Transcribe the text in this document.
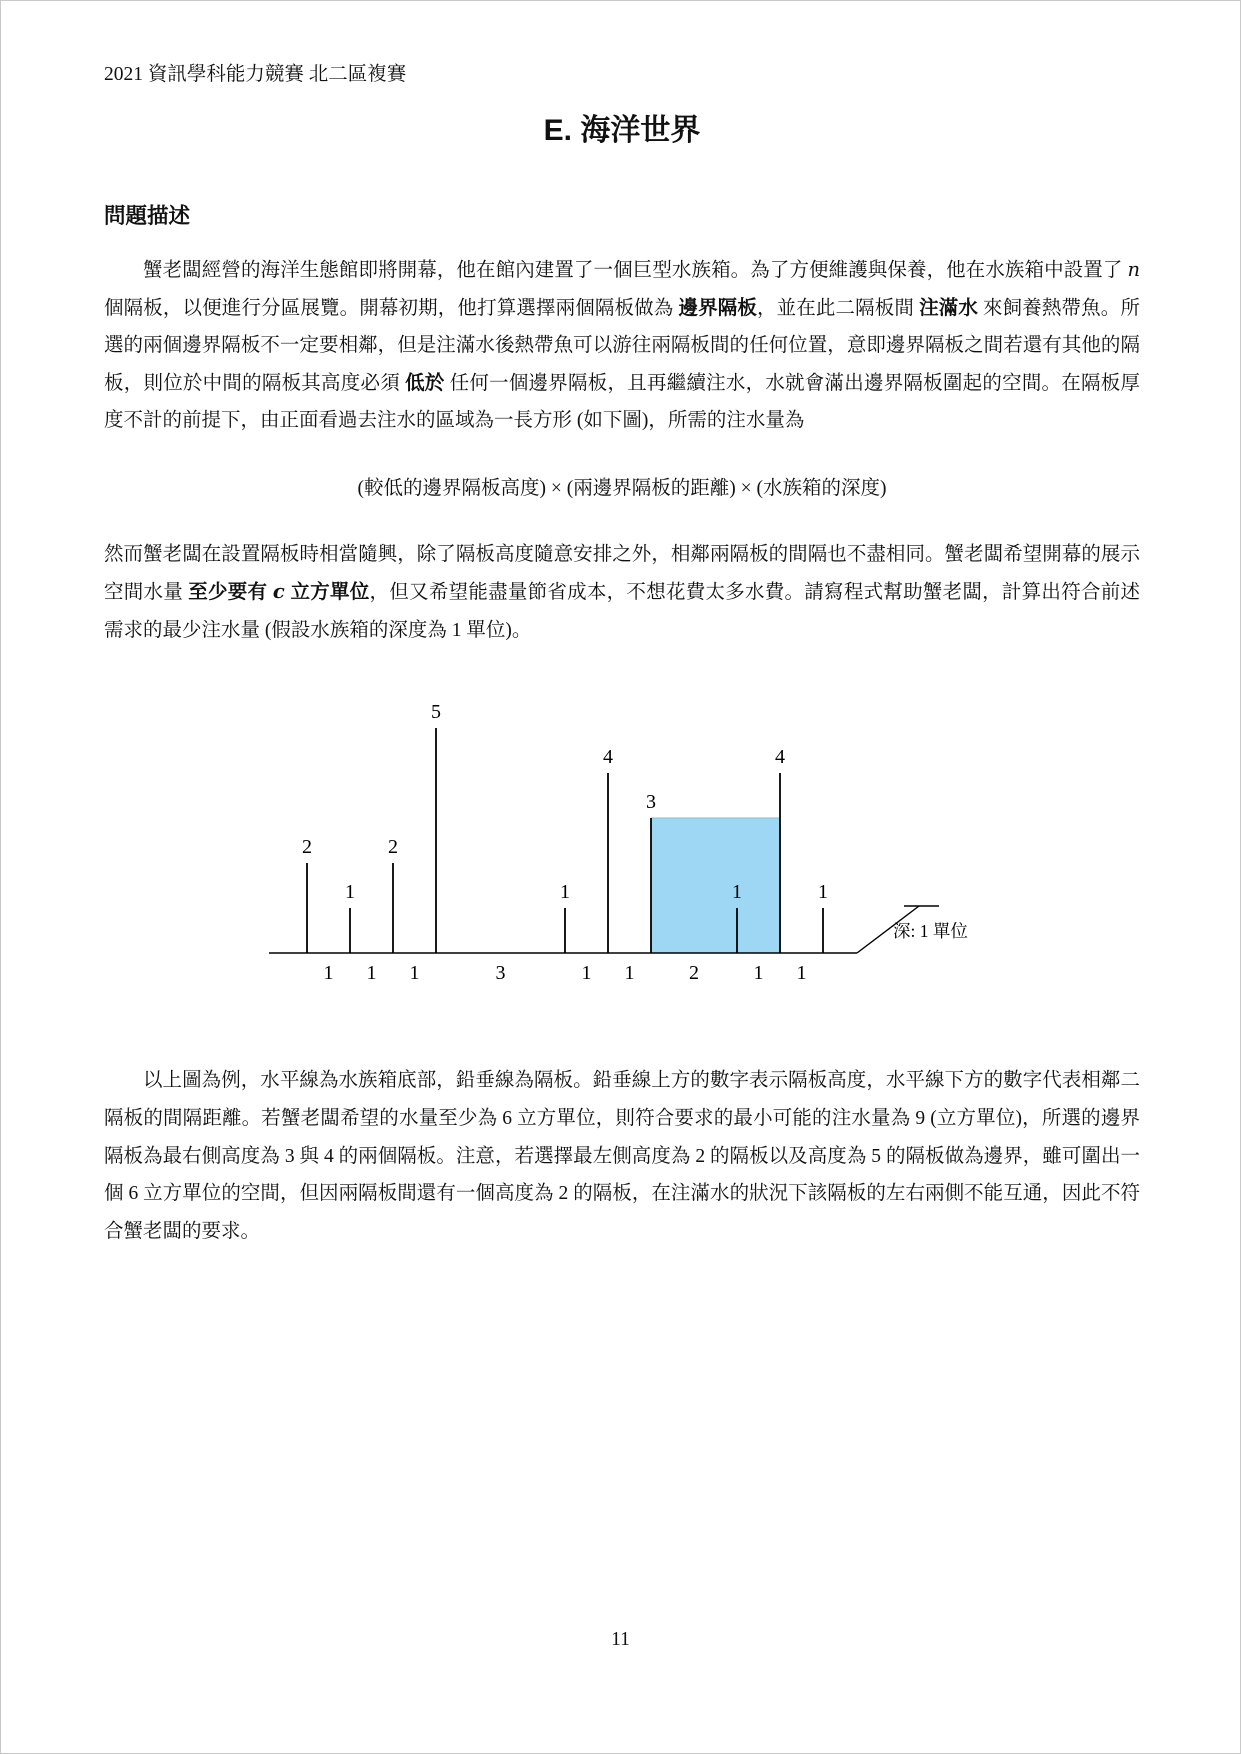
2021 資訊學科能力競賽 北二區複賽
E. 海洋世界
問題描述

蟹老闆經營的海洋生態館即將開幕，他在館內建置了一個巨型水族箱。為了方便維護與保養，他在水族箱中設置了 n 個隔板，以便進行分區展覽。開幕初期，他打算選擇兩個隔板做為 邊界隔板，並在此二隔板間 注滿水 來飼養熱帶魚。所選的兩個邊界隔板不一定要相鄰，但是注滿水後熱帶魚可以游往兩隔板間的任何位置，意即邊界隔板之間若還有其他的隔板，則位於中間的隔板其高度必須 低於 任何一個邊界隔板，且再繼續注水，水就會滿出邊界隔板圍起的空間。在隔板厚度不計的前提下，由正面看過去注水的區域為一長方形 (如下圖)，所需的注水量為

(較低的邊界隔板高度) × (兩邊界隔板的距離) × (水族箱的深度)

然而蟹老闆在設置隔板時相當隨興，除了隔板高度隨意安排之外，相鄰兩隔板的間隔也不盡相同。蟹老闆希望開幕的展示空間水量 至少要有 c 立方單位，但又希望能盡量節省成本，不想花費太多水費。請寫程式幫助蟹老闆，計算出符合前述需求的最少注水量 (假設水族箱的深度為 1 單位)。

2
1
2
5
1
4
3
1
4
1
1 1 1	3	1 1	2	1 1
深: 1 單位

以上圖為例，水平線為水族箱底部，鉛垂線為隔板。鉛垂線上方的數字表示隔板高度，水平線下方的數字代表相鄰二隔板的間隔距離。若蟹老闆希望的水量至少為 6 立方單位，則符合要求的最小可能的注水量為 9 (立方單位)，所選的邊界隔板為最右側高度為 3 與 4 的兩個隔板。注意，若選擇最左側高度為 2 的隔板以及高度為 5 的隔板做為邊界，雖可圍出一個 6 立方單位的空間，但因兩隔板間還有一個高度為 2 的隔板，在注滿水的狀況下該隔板的左右兩側不能互通，因此不符合蟹老闆的要求。

11
